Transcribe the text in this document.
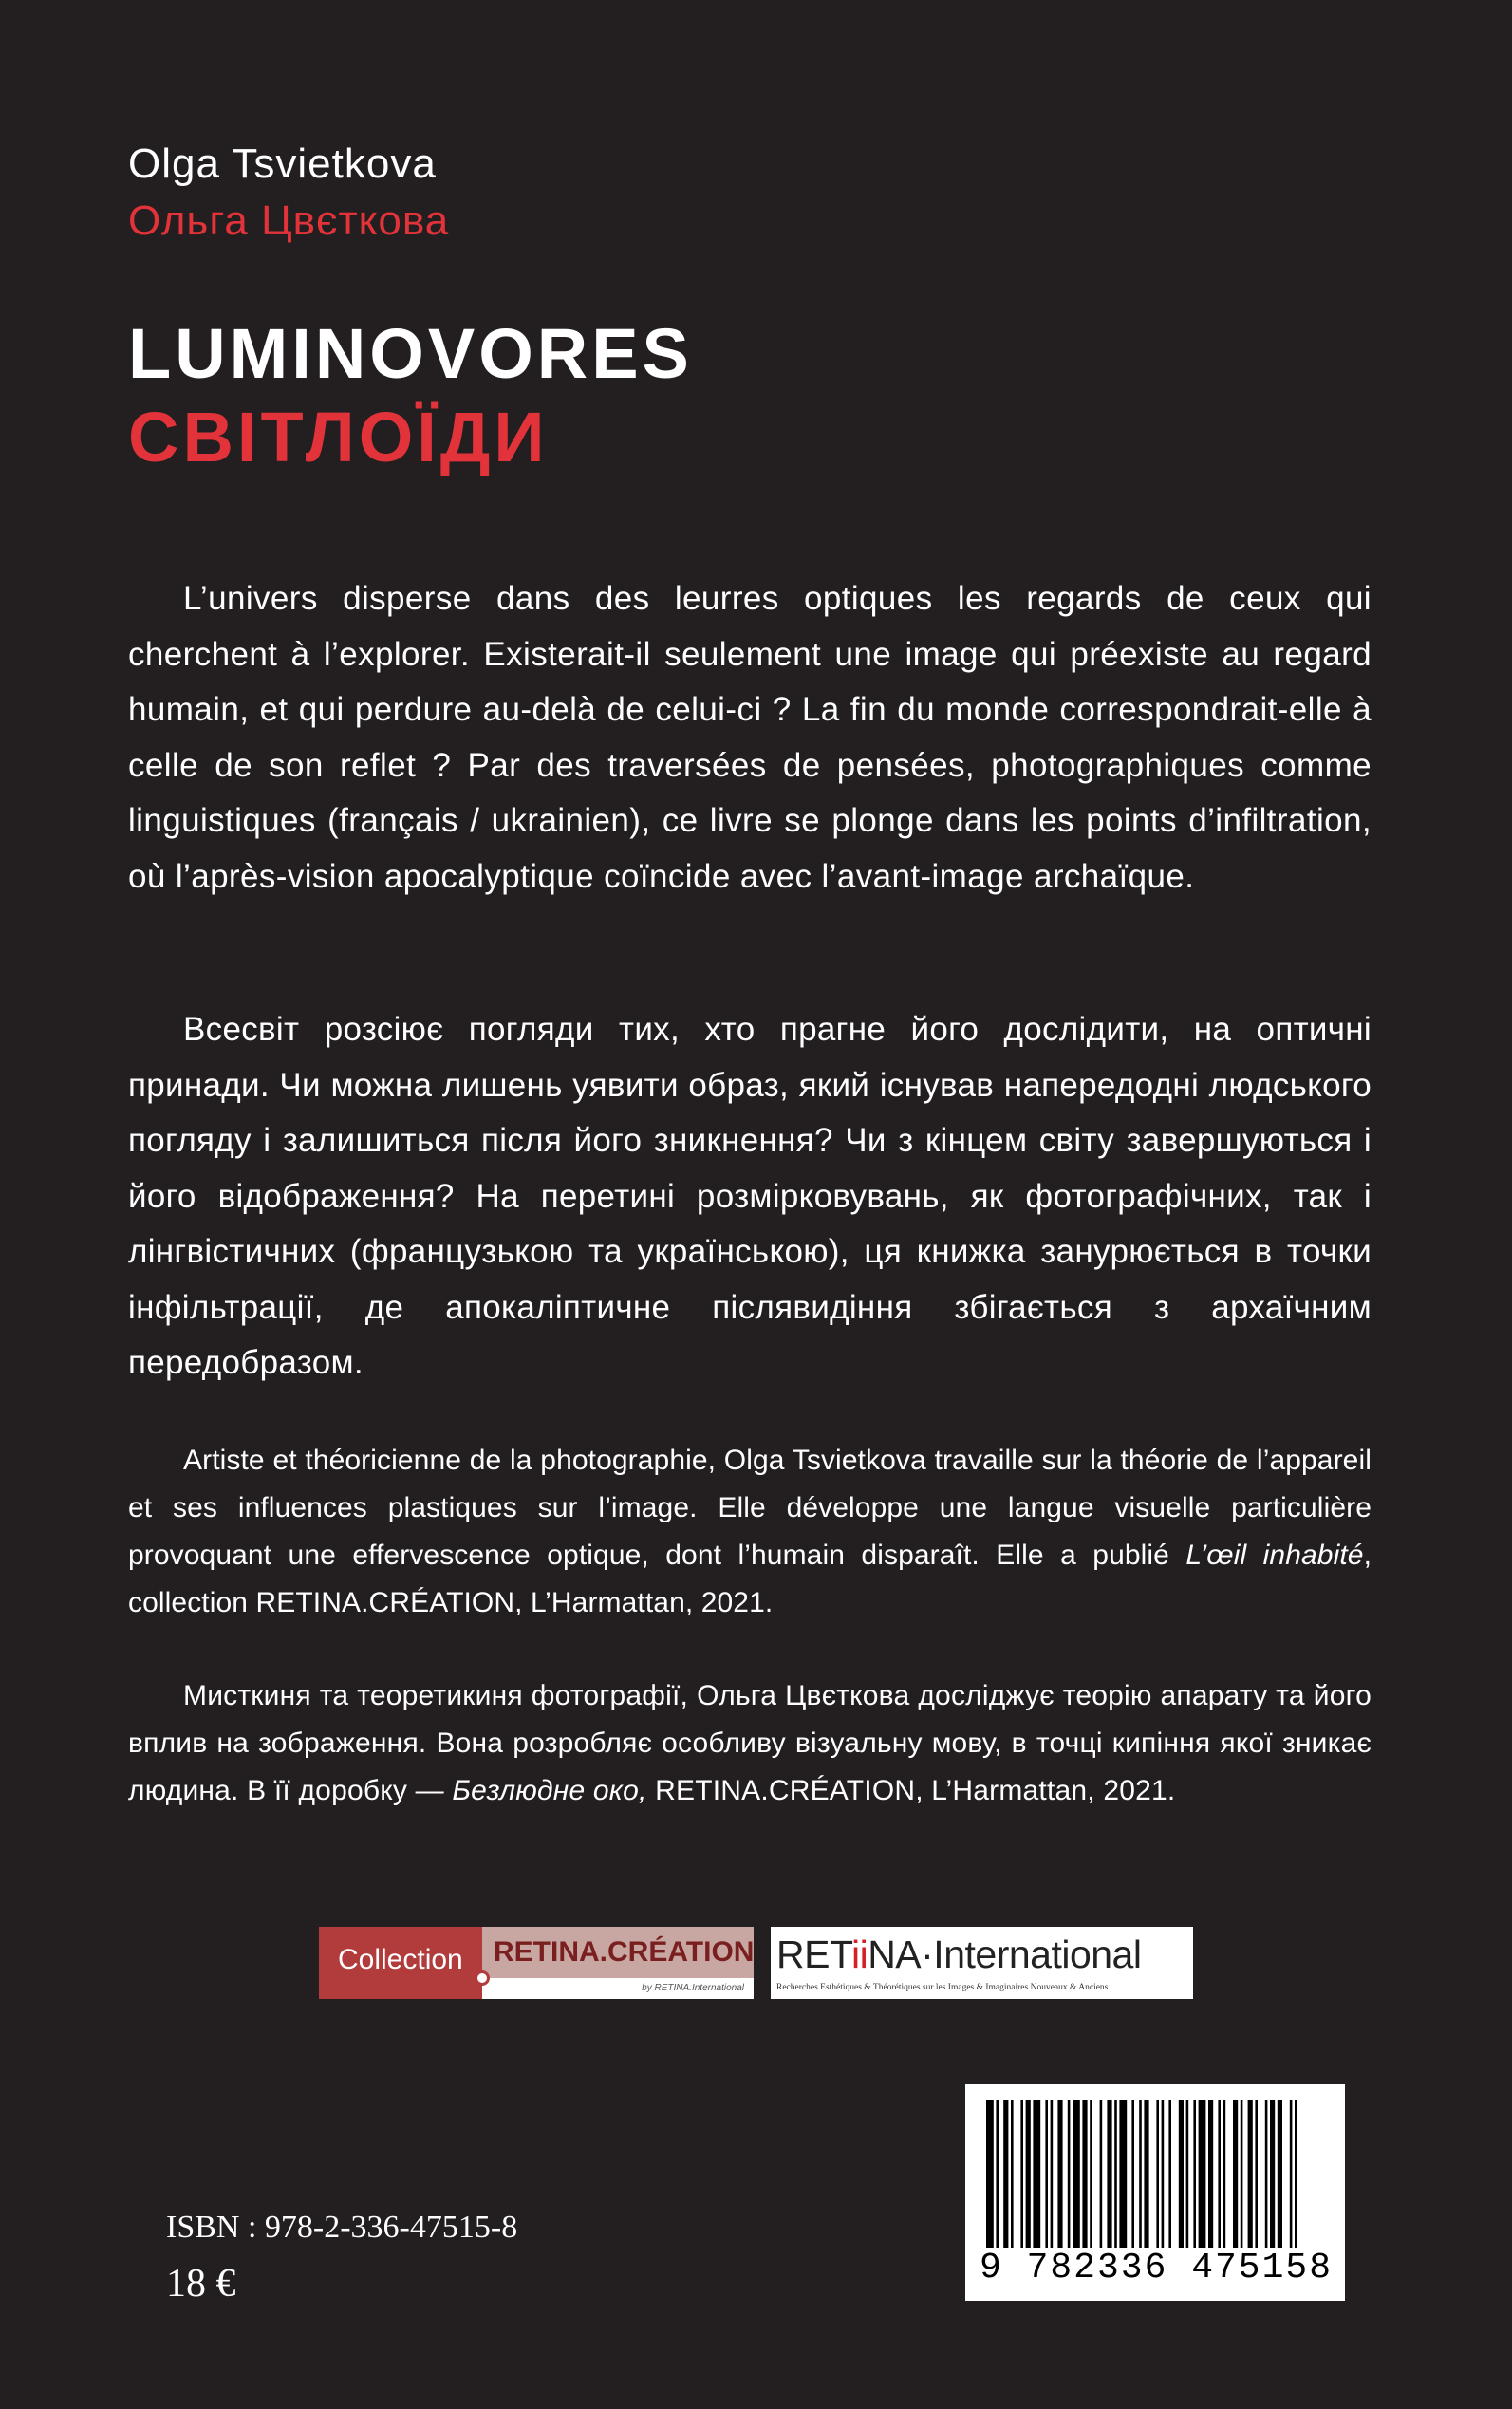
Olga Tsvietkova
Ольга Цвєткова
LUMINOVORES
СВІТЛОЇДИ

L’univers disperse dans des leurres optiques les regards de ceux qui cherchent à l’explorer. Existerait-il seulement une image qui préexiste au regard humain, et qui perdure au-delà de celui-ci ? La fin du monde correspondrait-elle à celle de son reflet ? Par des traversées de pensées, photographiques comme linguistiques (français / ukrainien), ce livre se plonge dans les points d’infiltration, où l’après-vision apocalyptique coïncide avec l’avant-image archaïque.

Всесвіт розсіює погляди тих, хто прагне його дослідити, на оптичні принади. Чи можна лишень уявити образ, який існував напередодні людського погляду і залишиться після його зникнення? Чи з кінцем світу завершуються і його відображення? На перетині розмірковувань, як фотографічних, так і лінгвістичних (французькою та українською), ця книжка занурюється в точки інфільтрації, де апокаліптичне післявидіння збігається з архаїчним передобразом.

Artiste et théoricienne de la photographie, Olga Tsvietkova travaille sur la théorie de l’appareil et ses influences plastiques sur l’image. Elle développe une langue visuelle particulière provoquant une effervescence optique, dont l’humain disparaît. Elle a publié L’œil inhabité, collection RETINA.CRÉATION, L’Harmattan, 2021.

Мисткиня та теоретикиня фотографії, Ольга Цвєткова досліджує теорію апарату та його вплив на зображення. Вона розробляє особливу візуальну мову, в точці кипіння якої зникає людина. В її доробку — Безлюдне око, RETINA.CRÉATION, L’Harmattan, 2021.

Collection RETINA.CRÉATION
by RETINA.International
RETiiNA·International
Recherches Esthétiques & Théorétiques sur les Images & Imaginaires Nouveaux & Anciens
ISBN : 978-2-336-47515-8
18 €	9 782336 475158
